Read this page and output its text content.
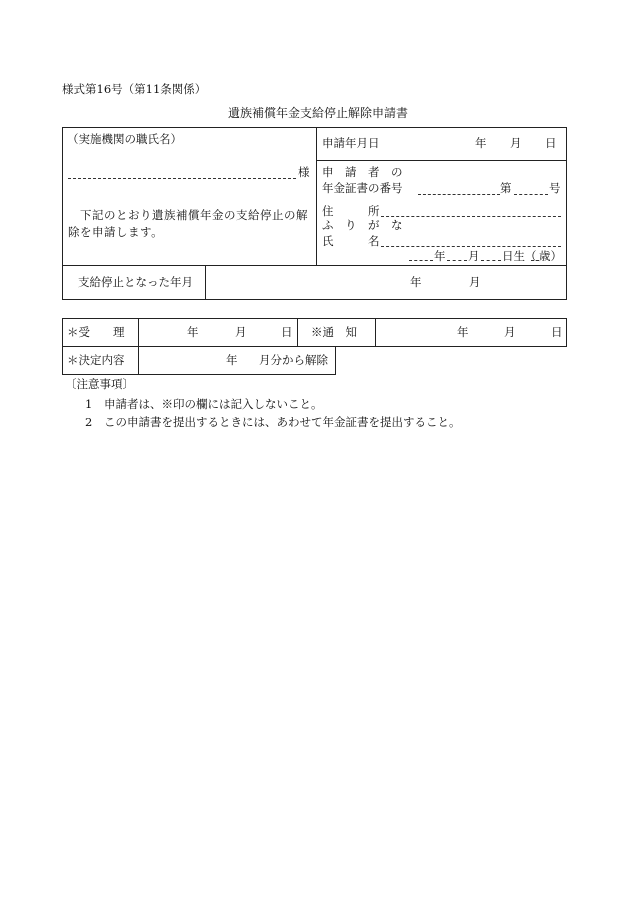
様式第16号（第11条関係）
遺族補償年金支給停止解除申請書
（実施機関の職氏名）
様
下記のとおり遺族補償年金の支給停止の解
除を申請します。
申請年月日	年 月 日
申　請　者　の
年金証書の番号	第	号
住　　　所
ふ　り　が　な
氏　　　名
年 月 日生（ 歳）
支給停止となった年月	年	月
＊受　　理	年	月	日 ※通　知	年	月	日
＊決定内容	年 月分から解除
〔注意事項〕
1 申請者は、※印の欄には記入しないこと。
2 この申請書を提出するときには、あわせて年金証書を提出すること。
